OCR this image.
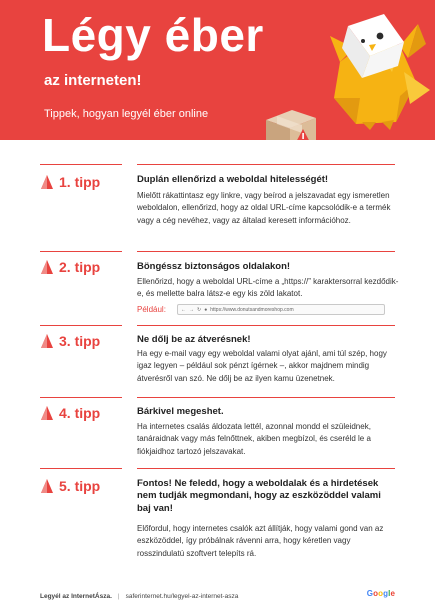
Légy éber
az interneten!
Tippek, hogyan legyél éber online
1. tipp	Duplán ellenőrizd a weboldal hitelességét!
Mielőtt rákattintasz egy linkre, vagy beírod a jelszavadat egy ismeretlen weboldalon, ellenőrizd, hogy az oldal URL-címe kapcsolódik-e a termék vagy a cég nevéhez, vagy az általad keresett információhoz.
2. tipp	Böngéssz biztonságos oldalakon!
Ellenőrizd, hogy a weboldal URL-címe a „https://” karaktersorral kezdődik-e, és mellette balra látsz-e egy kis zöld lakatot.
Például:	← → ↻ ● https://www.donutsandmoreshop.com
3. tipp	Ne dőlj be az átverésnek!
Ha egy e-mail vagy egy weboldal valami olyat ajánl, ami túl szép, hogy igaz legyen – például sok pénzt ígérnek –, akkor majdnem mindig átverésről van szó. Ne dőlj be az ilyen kamu üzenetnek.
4. tipp	Bárkivel megeshet.
Ha internetes csalás áldozata lettél, azonnal mondd el szüleidnek, tanáraidnak vagy más felnőttnek, akiben megbízol, és cseréld le a fiókjaidhoz tartozó jelszavakat.
5. tipp	Fontos! Ne feledd, hogy a weboldalak és a hirdetések nem tudják megmondani, hogy az eszközöddel valami baj van!
Előfordul, hogy internetes csalók azt állítják, hogy valami gond van az eszközöddel, így próbálnak rávenni arra, hogy kéretlen vagy rosszindulatú szoftvert telepíts rá.
Legyél az InternetÁsza. | saferinternet.hu/legyel-az-internet-asza	Google
